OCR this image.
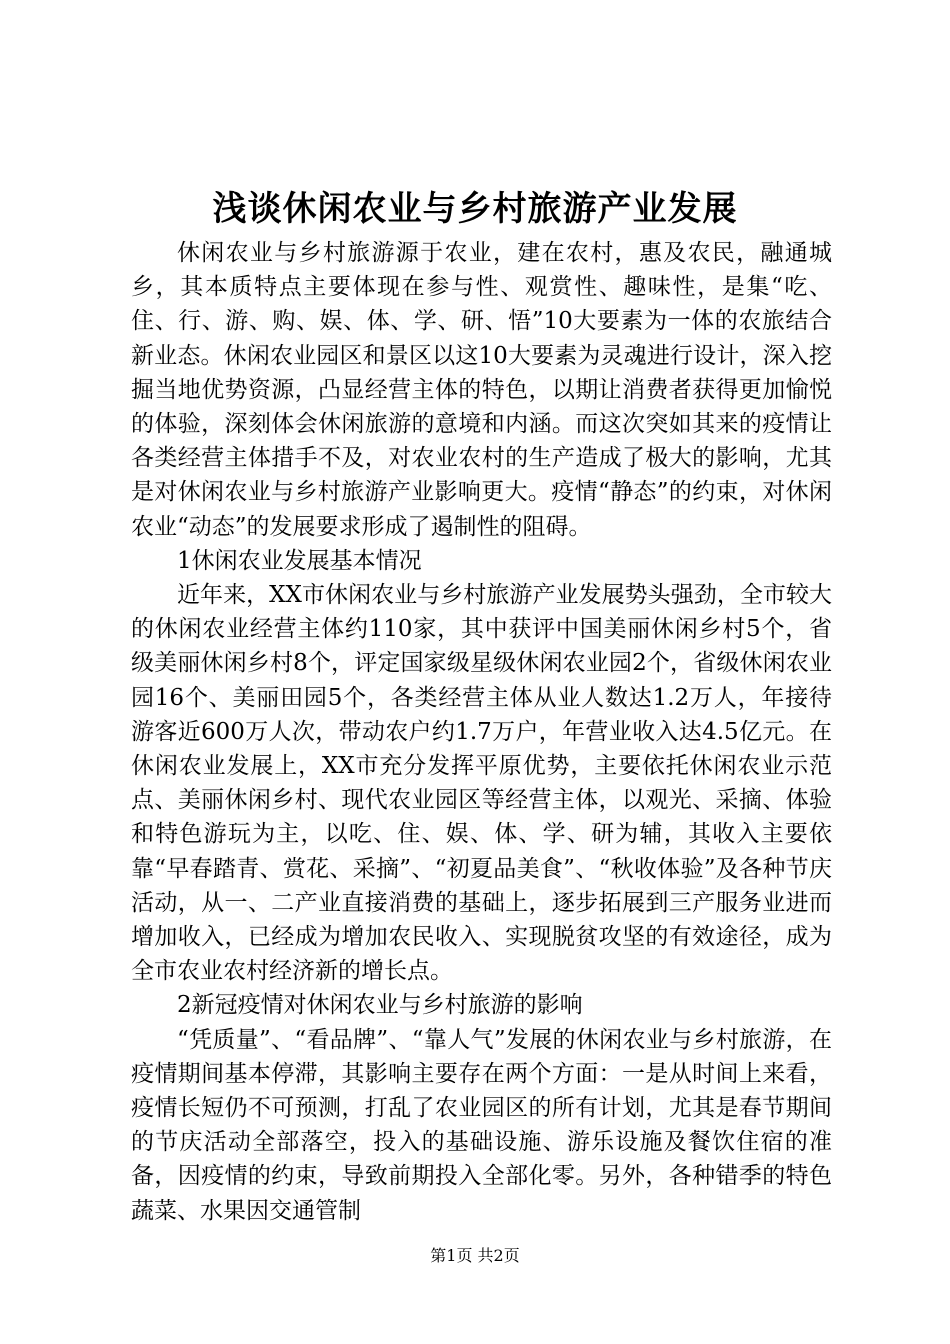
浅谈休闲农业与乡村旅游产业发展

休闲农业与乡村旅游源于农业，建在农村，惠及农民，融通城乡，其本质特点主要体现在参与性、观赏性、趣味性，是集“吃、住、行、游、购、娱、体、学、研、悟”10大要素为一体的农旅结合新业态。休闲农业园区和景区以这10大要素为灵魂进行设计，深入挖掘当地优势资源，凸显经营主体的特色，以期让消费者获得更加愉悦的体验，深刻体会休闲旅游的意境和内涵。而这次突如其来的疫情让各类经营主体措手不及，对农业农村的生产造成了极大的影响，尤其是对休闲农业与乡村旅游产业影响更大。疫情“静态”的约束，对休闲农业“动态”的发展要求形成了遏制性的阻碍。

1休闲农业发展基本情况

近年来，XX市休闲农业与乡村旅游产业发展势头强劲，全市较大的休闲农业经营主体约110家，其中获评中国美丽休闲乡村5个，省级美丽休闲乡村8个，评定国家级星级休闲农业园2个，省级休闲农业园16个、美丽田园5个，各类经营主体从业人数达1.2万人，年接待游客近600万人次，带动农户约1.7万户，年营业收入达4.5亿元。在休闲农业发展上，XX市充分发挥平原优势，主要依托休闲农业示范点、美丽休闲乡村、现代农业园区等经营主体，以观光、采摘、体验和特色游玩为主，以吃、住、娱、体、学、研为辅，其收入主要依靠“早春踏青、赏花、采摘”、“初夏品美食”、“秋收体验”及各种节庆活动，从一、二产业直接消费的基础上，逐步拓展到三产服务业进而增加收入，已经成为增加农民收入、实现脱贫攻坚的有效途径，成为全市农业农村经济新的增长点。

2新冠疫情对休闲农业与乡村旅游的影响

“凭质量”、“看品牌”、“靠人气”发展的休闲农业与乡村旅游，在疫情期间基本停滞，其影响主要存在两个方面：一是从时间上来看，疫情长短仍不可预测，打乱了农业园区的所有计划，尤其是春节期间的节庆活动全部落空，投入的基础设施、游乐设施及餐饮住宿的准备，因疫情的约束，导致前期投入全部化零。另外，各种错季的特色蔬菜、水果因交通管制

第1页 共2页
